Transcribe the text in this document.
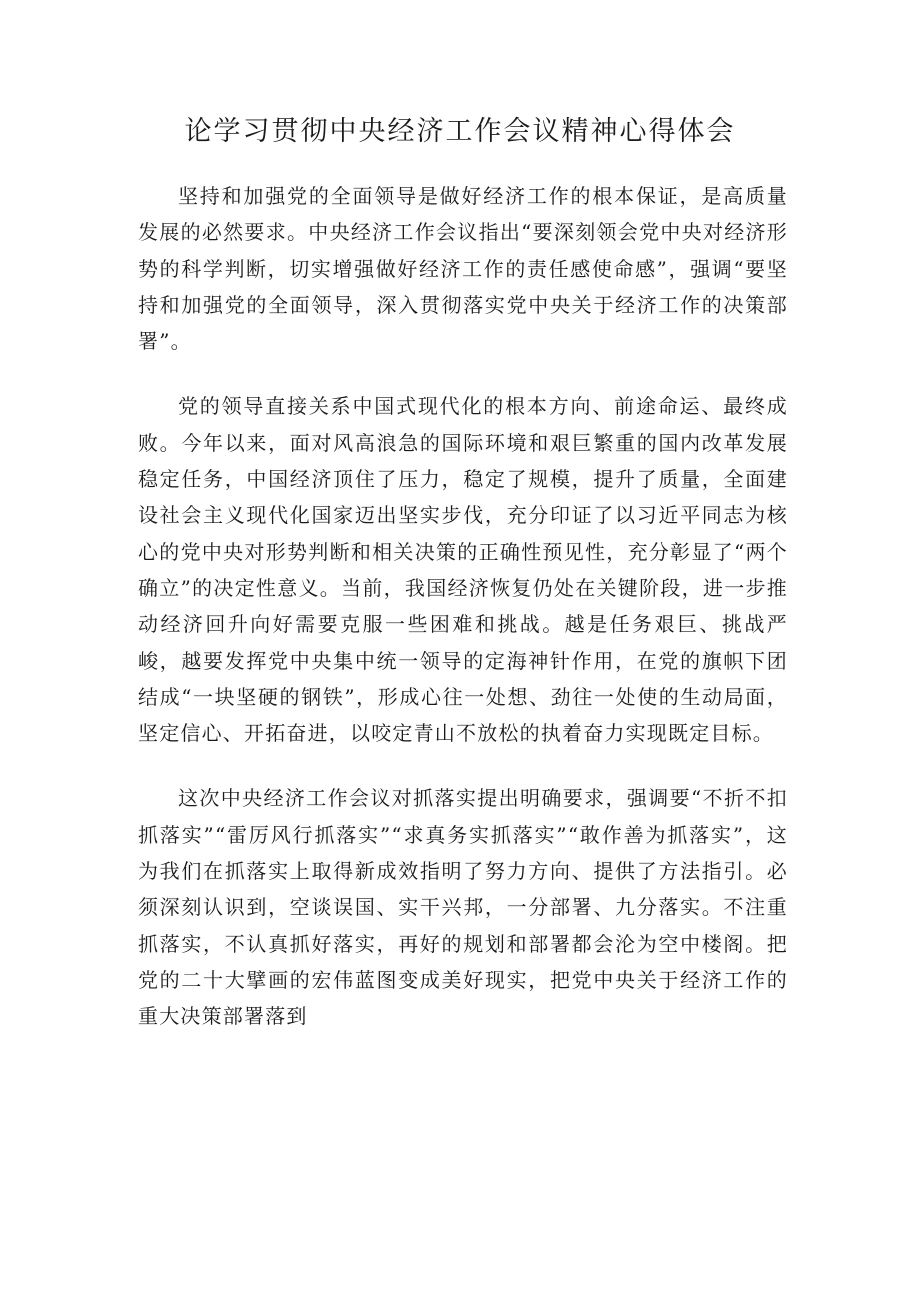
论学习贯彻中央经济工作会议精神心得体会

坚持和加强党的全面领导是做好经济工作的根本保证，是高质量发展的必然要求。中央经济工作会议指出“要深刻领会党中央对经济形势的科学判断，切实增强做好经济工作的责任感使命感”，强调“要坚持和加强党的全面领导，深入贯彻落实党中央关于经济工作的决策部署”。

党的领导直接关系中国式现代化的根本方向、前途命运、最终成败。今年以来，面对风高浪急的国际环境和艰巨繁重的国内改革发展稳定任务，中国经济顶住了压力，稳定了规模，提升了质量，全面建设社会主义现代化国家迈出坚实步伐，充分印证了以习近平同志为核心的党中央对形势判断和相关决策的正确性预见性，充分彰显了“两个确立”的决定性意义。当前，我国经济恢复仍处在关键阶段，进一步推动经济回升向好需要克服一些困难和挑战。越是任务艰巨、挑战严峻，越要发挥党中央集中统一领导的定海神针作用，在党的旗帜下团结成“一块坚硬的钢铁”，形成心往一处想、劲往一处使的生动局面，坚定信心、开拓奋进，以咬定青山不放松的执着奋力实现既定目标。

这次中央经济工作会议对抓落实提出明确要求，强调要“不折不扣抓落实”“雷厉风行抓落实”“求真务实抓落实”“敢作善为抓落实”，这为我们在抓落实上取得新成效指明了努力方向、提供了方法指引。必须深刻认识到，空谈误国、实干兴邦，一分部署、九分落实。不注重抓落实，不认真抓好落实，再好的规划和部署都会沦为空中楼阁。把党的二十大擘画的宏伟蓝图变成美好现实，把党中央关于经济工作的重大决策部署落到
